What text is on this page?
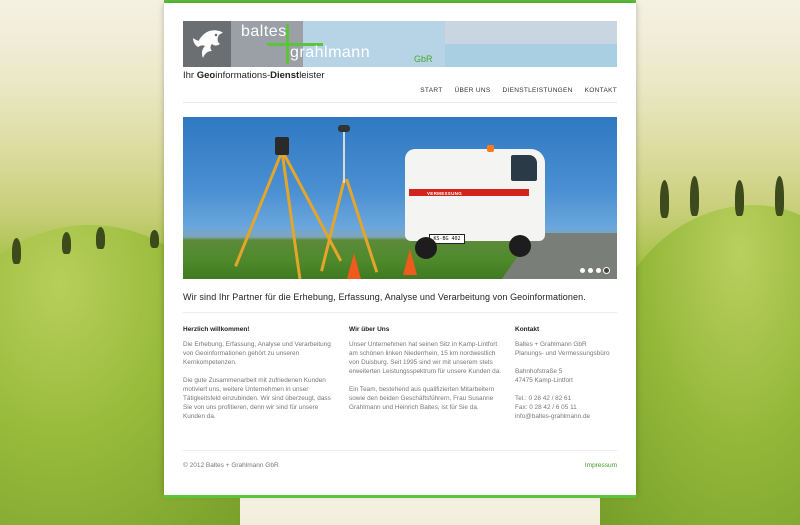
baltes
grahlmann	GbR
Ihr Geoinformations-Dienstleister
START ÜBER UNS DIENSTLEISTUNGEN KONTAKT
VERMESSUNG
KS-BG 402
Wir sind Ihr Partner für die Erhebung, Erfassung, Analyse und Verarbeitung von Geoinformationen.
Herzlich willkommen!

Die Erhebung, Erfassung, Analyse und Verarbeitung von Geoinformationen gehört zu unseren Kernkompetenzen.

Die gute Zusammenarbeit mit zufriedenen Kunden motiviert uns, weitere Unternehmen in unser Tätigkeitsfeld einzubinden. Wir sind überzeugt, dass Sie von uns profitieren, denn wir sind für unsere Kunden da.

Wir über Uns

Unser Unternehmen hat seinen Sitz in Kamp-Lintfort am schönen linken Niederrhein, 15 km nordwestlich von Duisburg. Seit 1995 sind wir mit unserem stets erweiterten Leistungsspektrum für unsere Kunden da.

Ein Team, bestehend aus qualifizierten Mitarbeitern sowie den beiden Geschäftsführern, Frau Susanne Grahlmann und Heinrich Baltes, ist für Sie da.

Kontakt
Baltes + Grahlmann GbR
Planungs- und Vermessungsbüro
Bahnhofstraße 5
47475 Kamp-Lintfort
Tel.: 0 28 42 / 82 61
Fax: 0 28 42 / 6 05 11
info@baltes-grahlmann.de
© 2012 Baltes + Grahlmann GbR	Impressum
